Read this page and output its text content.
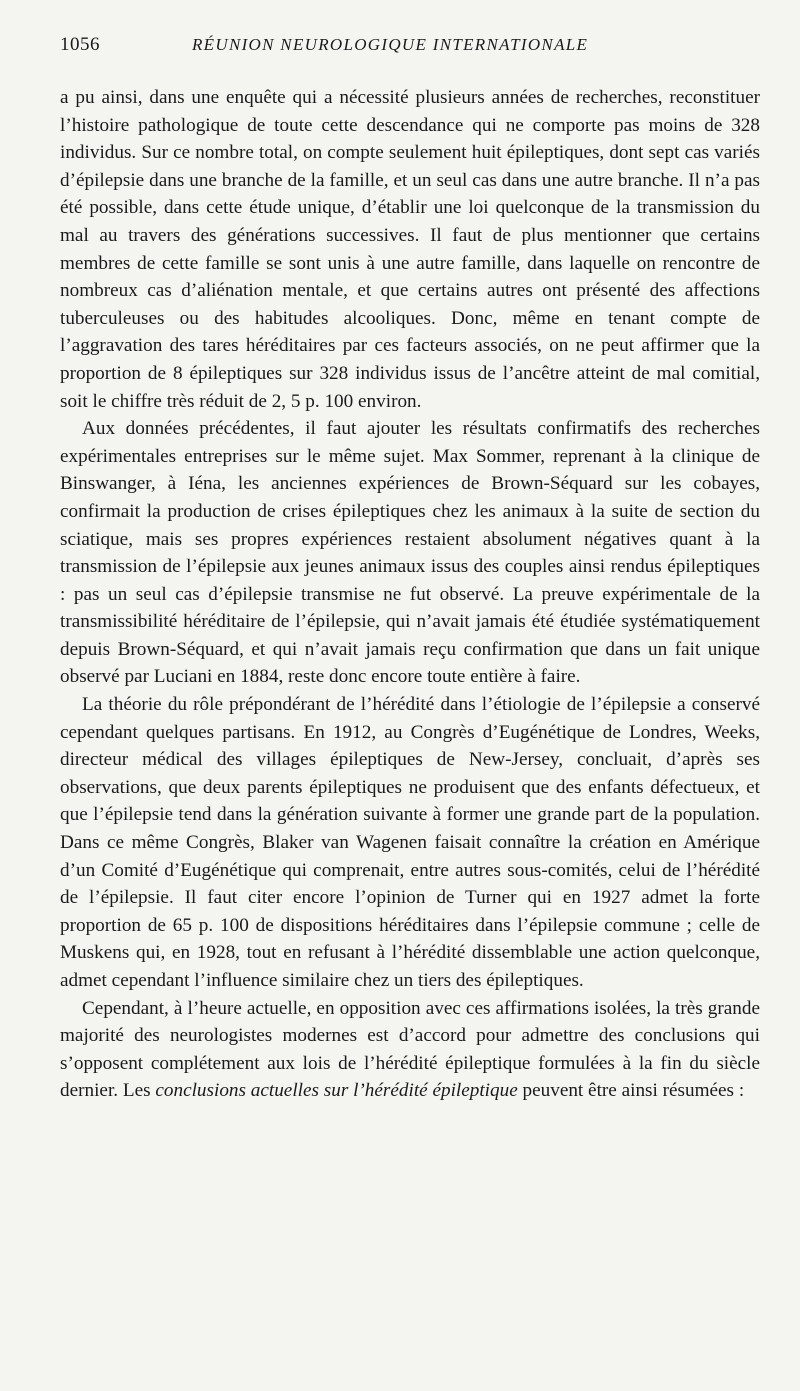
1056	RÉUNION NEUROLOGIQUE INTERNATIONALE

a pu ainsi, dans une enquête qui a nécessité plusieurs années de recherches, reconstituer l’histoire pathologique de toute cette descendance qui ne comporte pas moins de 328 individus. Sur ce nombre total, on compte seulement huit épileptiques, dont sept cas variés d’épilepsie dans une branche de la famille, et un seul cas dans une autre branche. Il n’a pas été possible, dans cette étude unique, d’établir une loi quelconque de la transmission du mal au travers des générations successives. Il faut de plus mentionner que certains membres de cette famille se sont unis à une autre famille, dans laquelle on rencontre de nombreux cas d’aliénation mentale, et que certains autres ont présenté des affections tuberculeuses ou des habitudes alcooliques. Donc, même en tenant compte de l’aggravation des tares héréditaires par ces facteurs associés, on ne peut affirmer que la proportion de 8 épileptiques sur 328 individus issus de l’ancêtre atteint de mal comitial, soit le chiffre très réduit de 2, 5 p. 100 environ.

Aux données précédentes, il faut ajouter les résultats confirmatifs des recherches expérimentales entreprises sur le même sujet. Max Sommer, reprenant à la clinique de Binswanger, à Iéna, les anciennes expériences de Brown-Séquard sur les cobayes, confirmait la production de crises épileptiques chez les animaux à la suite de section du sciatique, mais ses propres expériences restaient absolument négatives quant à la transmission de l’épilepsie aux jeunes animaux issus des couples ainsi rendus épileptiques : pas un seul cas d’épilepsie transmise ne fut observé. La preuve expérimentale de la transmissibilité héréditaire de l’épilepsie, qui n’avait jamais été étudiée systématiquement depuis Brown-Séquard, et qui n’avait jamais reçu confirmation que dans un fait unique observé par Luciani en 1884, reste donc encore toute entière à faire.

La théorie du rôle prépondérant de l’hérédité dans l’étiologie de l’épilepsie a conservé cependant quelques partisans. En 1912, au Congrès d’Eugénétique de Londres, Weeks, directeur médical des villages épileptiques de New-Jersey, concluait, d’après ses observations, que deux parents épileptiques ne produisent que des enfants défectueux, et que l’épilepsie tend dans la génération suivante à former une grande part de la population. Dans ce même Congrès, Blaker van Wagenen faisait connaître la création en Amérique d’un Comité d’Eugénétique qui comprenait, entre autres sous-comités, celui de l’hérédité de l’épilepsie. Il faut citer encore l’opinion de Turner qui en 1927 admet la forte proportion de 65 p. 100 de dispositions héréditaires dans l’épilepsie commune ; celle de Muskens qui, en 1928, tout en refusant à l’hérédité dissemblable une action quelconque, admet cependant l’influence similaire chez un tiers des épileptiques.

Cependant, à l’heure actuelle, en opposition avec ces affirmations isolées, la très grande majorité des neurologistes modernes est d’accord pour admettre des conclusions qui s’opposent complétement aux lois de l’hérédité épileptique formulées à la fin du siècle dernier. Les conclusions actuelles sur l’hérédité épileptique peuvent être ainsi résumées :
